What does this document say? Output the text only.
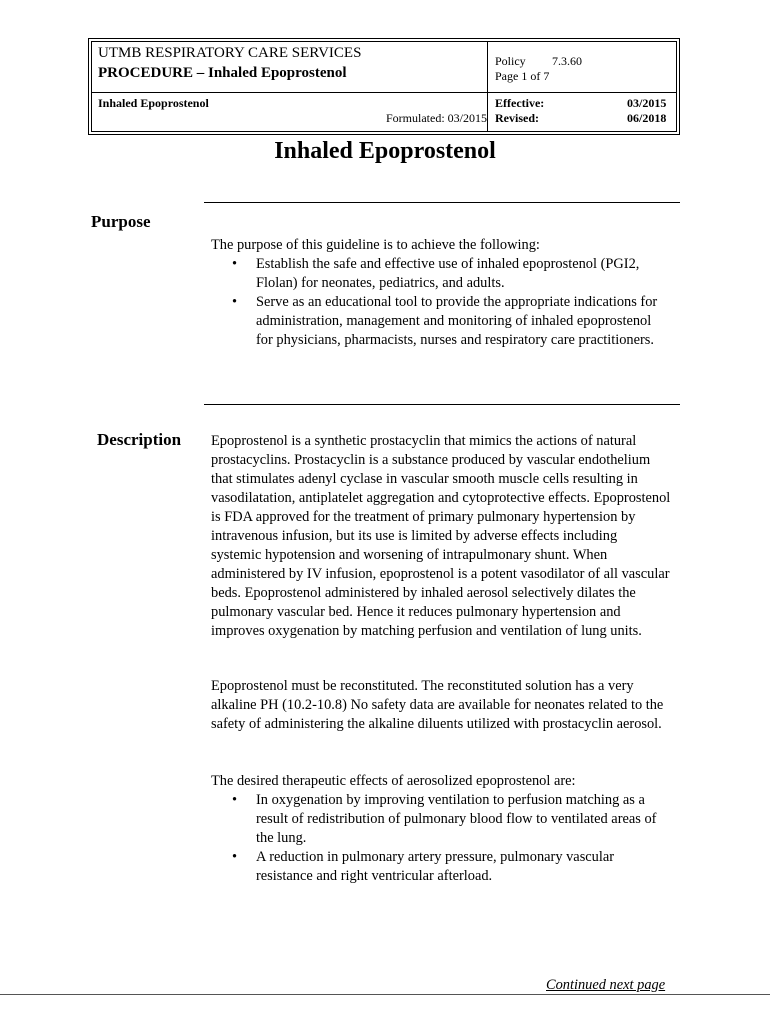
UTMB RESPIRATORY CARE SERVICES
PROCEDURE – Inhaled Epoprostenol
Policy 7.3.60
Page 1 of 7
Inhaled Epoprostenol
Formulated: 03/2015
Effective:	03/2015
Revised:	06/2018
Inhaled Epoprostenol
Purpose

The purpose of this guideline is to achieve the following:

• Establish the safe and effective use of inhaled epoprostenol (PGI2, Flolan) for neonates, pediatrics, and adults.
• Serve as an educational tool to provide the appropriate indications for administration, management and monitoring of inhaled epoprostenol for physicians, pharmacists, nurses and respiratory care practitioners.
Description Epoprostenol is a synthetic prostacyclin that mimics the actions of natural prostacyclins. Prostacyclin is a substance produced by vascular endothelium that stimulates adenyl cyclase in vascular smooth muscle cells resulting in vasodilatation, antiplatelet aggregation and cytoprotective effects. Epoprostenol is FDA approved for the treatment of primary pulmonary hypertension by intravenous infusion, but its use is limited by adverse effects including systemic hypotension and worsening of intrapulmonary shunt. When administered by IV infusion, epoprostenol is a potent vasodilator of all vascular beds. Epoprostenol administered by inhaled aerosol selectively dilates the pulmonary vascular bed. Hence it reduces pulmonary hypertension and improves oxygenation by matching perfusion and ventilation of lung units.

Epoprostenol must be reconstituted. The reconstituted solution has a very alkaline PH (10.2-10.8) No safety data are available for neonates related to the safety of administering the alkaline diluents utilized with prostacyclin aerosol.

The desired therapeutic effects of aerosolized epoprostenol are:

• In oxygenation by improving ventilation to perfusion matching as a result of redistribution of pulmonary blood flow to ventilated areas of the lung.
• A reduction in pulmonary artery pressure, pulmonary vascular resistance and right ventricular afterload.
Continued next page
